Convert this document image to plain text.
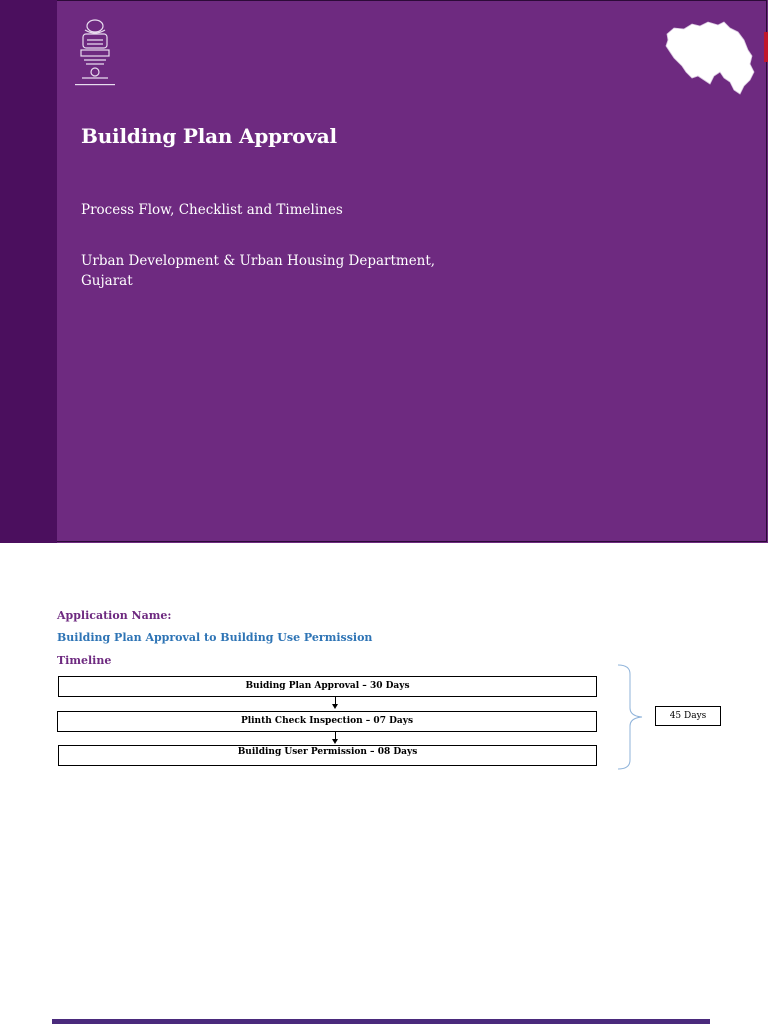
Building Plan Approval

Process Flow, Checklist and Timelines

Urban Development & Urban Housing Department,
Gujarat

Application Name:

Building Plan Approval to Building Use Permission

Timeline

Buiding Plan Approval – 30 Days
Plinth Check Inspection – 07 Days
Building User Permission – 08 Days
45 Days
